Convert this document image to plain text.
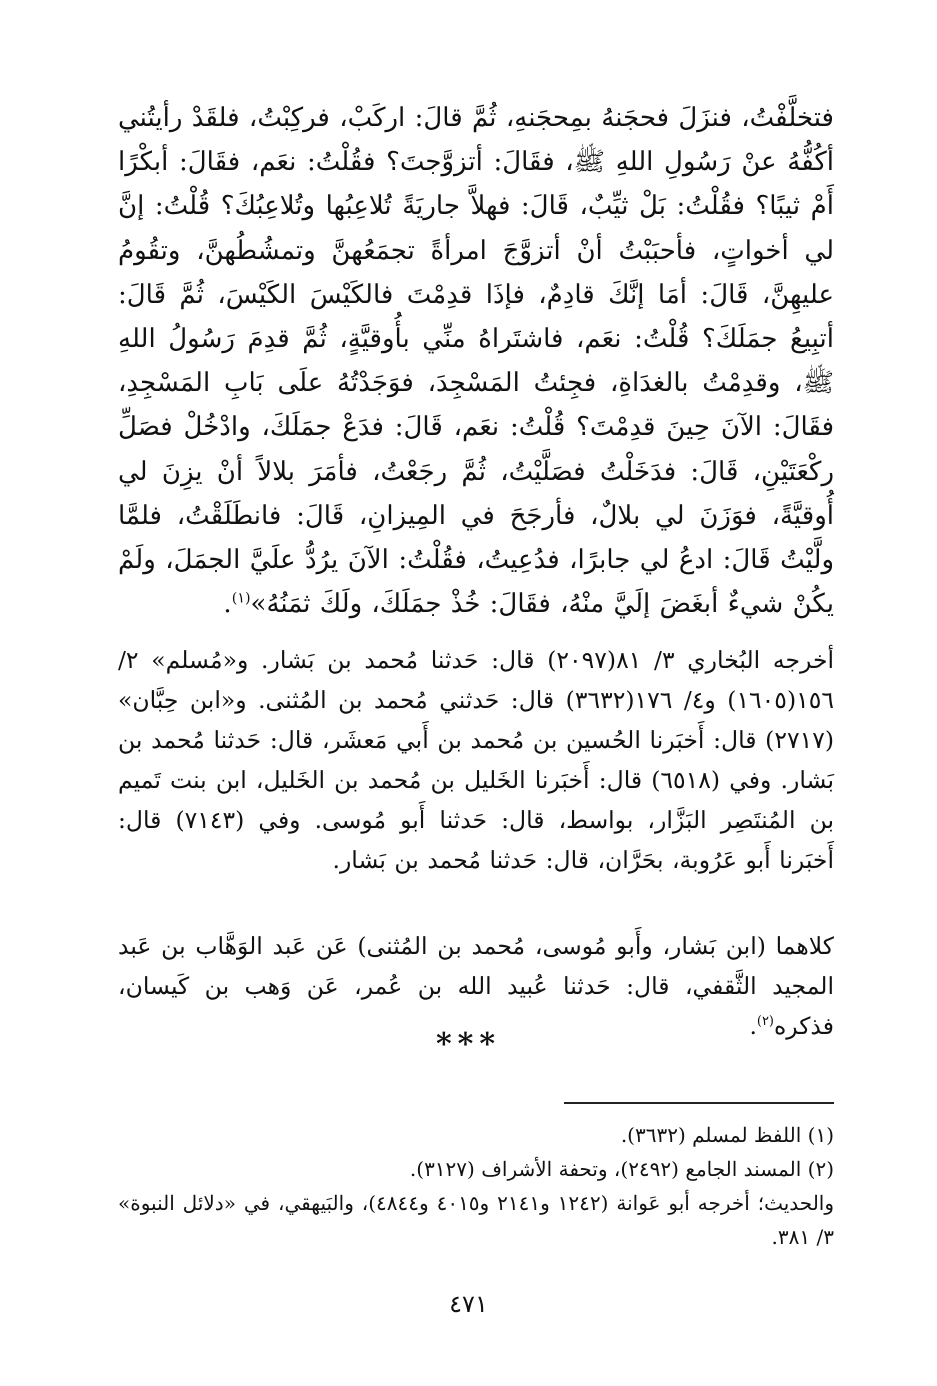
فتخلَّفْتُ، فنزَلَ فحجَنهُ بمِحجَنهِ، ثُمَّ قالَ: اركَبْ، فركِبْتُ، فلقَدْ رأيتُني أكُفُّهُ عنْ رَسُولِ اللهِ ﷺ، فقَالَ: أتزوَّجتَ؟ فقُلْتُ: نعَم، فقَالَ: أبكْرًا أَمْ ثيبًا؟ فقُلْتُ: بَلْ ثيِّبٌ، قَالَ: فهلاَّ جاريَةً تُلاعِبُها وتُلاعِبُكَ؟ قُلْتُ: إنَّ لي أخواتٍ، فأحبَبْتُ أنْ أتزوَّجَ امرأةً تجمَعُهنَّ وتمشُطُهنَّ، وتقُومُ عليهِنَّ، قَالَ: أمَا إنَّكَ قادِمٌ، فإذَا قدِمْتَ فالكَيْسَ الكَيْسَ، ثُمَّ قَالَ: أتبِيعُ جمَلَكَ؟ قُلْتُ: نعَم، فاشتَراهُ منِّي بأُوقيَّةٍ، ثُمَّ قدِمَ رَسُولُ اللهِ ﷺ، وقدِمْتُ بالغدَاةِ، فجِئتُ المَسْجِدَ، فوَجَدْتُهُ علَى بَابِ المَسْجِدِ، فقَالَ: الآنَ حِينَ قدِمْتَ؟ قُلْتُ: نعَم، قَالَ: فدَعْ جمَلَكَ، وادْخُلْ فصَلِّ ركْعَتَيْنِ، قَالَ: فدَخَلْتُ فصَلَّيْتُ، ثُمَّ رجَعْتُ، فأمَرَ بلالاً أنْ يزِنَ لي أُوقيَّةً، فوَزَنَ لي بلالٌ، فأرجَحَ في المِيزانِ، قَالَ: فانطَلَقْتُ، فلمَّا ولَّيْتُ قَالَ: ادعُ لي جابرًا، فدُعِيتُ، فقُلْتُ: الآنَ يرُدُّ علَيَّ الجمَلَ، ولَمْ يكُنْ شيءٌ أبغَضَ إلَيَّ منْهُ، فقَالَ: خُذْ جمَلَكَ، ولَكَ ثمَنُهُ»$^{(١)}$.
أخرجه البُخاري ٣/ ٨١(٢٠٩٧) قال: حَدثنا مُحمد بن بَشار. و«مُسلم» ٢/ ١٥٦(١٦٠٥) و٤/ ١٧٦(٣٦٣٢) قال: حَدثني مُحمد بن المُثنى. و«ابن حِبَّان» (٢٧١٧) قال: أَخبَرنا الحُسين بن مُحمد بن أَبي مَعشَر، قال: حَدثنا مُحمد بن بَشار. وفي (٦٥١٨) قال: أَخبَرنا الخَليل بن مُحمد بن الخَليل، ابن بنت تَميم بن المُنتَصِر البَزَّار، بواسط، قال: حَدثنا أَبو مُوسى. وفي (٧١٤٣) قال: أَخبَرنا أَبو عَرُوبة، بحَرَّان، قال: حَدثنا مُحمد بن بَشار.
كلاهما (ابن بَشار، وأَبو مُوسى، مُحمد بن المُثنى) عَن عَبد الوَهَّاب بن عَبد المجيد الثَّقفي، قال: حَدثنا عُبيد الله بن عُمر، عَن وَهب بن كَيسان، فذكره$^{(٢)}$.
***

(١) اللفظ لمسلم (٣٦٣٢).

(٢) المسند الجامع (٢٤٩٢)، وتحفة الأشراف (٣١٢٧).

والحديث؛ أخرجه أبو عَوانة (١٢٤٢ و٢١٤١ و٤٠١٥ و٤٨٤٤)، والبَيهقي، في «دلائل النبوة» ٣/ ٣٨١.

٤٧١
